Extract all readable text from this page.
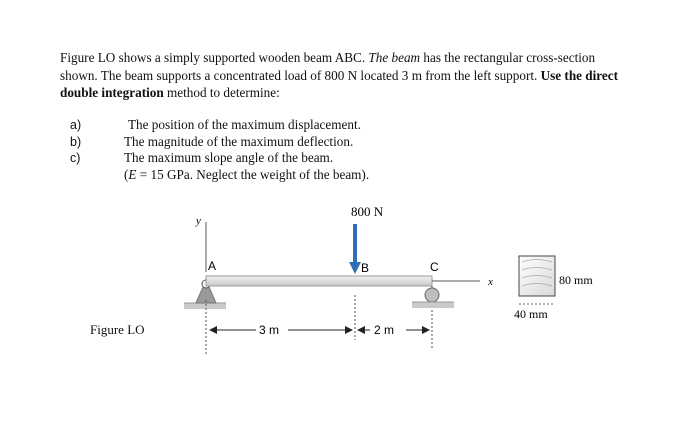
Figure LO shows a simply supported wooden beam ABC. The beam has the rectangular cross-section shown. The beam supports a concentrated load of 800 N located 3 m from the left support. Use the direct double integration method to determine:
a)	The position of the maximum displacement.
b)	The magnitude of the maximum deflection.
c)	The maximum slope angle of the beam.
(E = 15 GPa. Neglect the weight of the beam).
Figure LO
y
A	B	C
800 N
x
3 m	2 m
80 mm
40 mm
